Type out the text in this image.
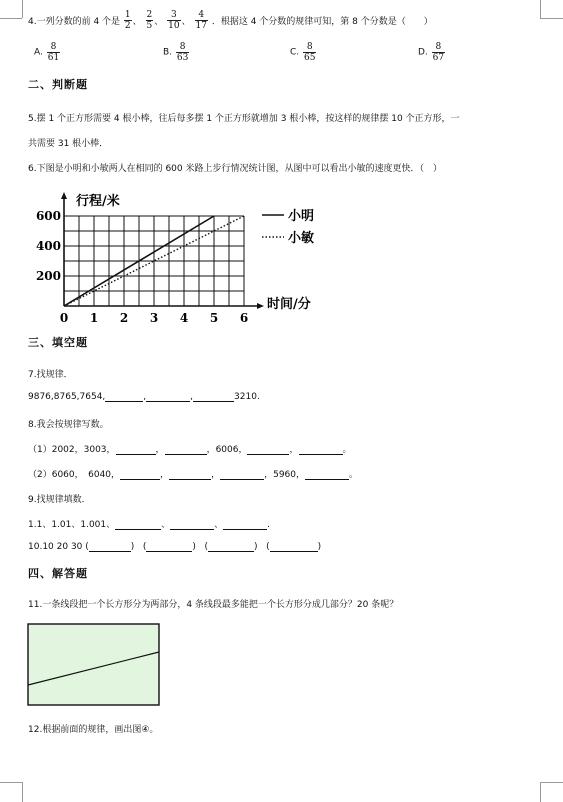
4.一列分数的前 4 个是 $\frac{1}{2}$ 、 $\frac{2}{5}$ 、 $\frac{3}{10}$ 、 $\frac{4}{17}$ ．根据这 4 个分数的规律可知，第 8 个分数是（　　）
A. $\frac{8}{61}$	B. $\frac{8}{63}$	C. $\frac{8}{65}$	D. $\frac{8}{67}$
二、判断题
5.摆 1 个正方形需要 4 根小棒，往后每多摆 1 个正方形就增加 3 根小棒，按这样的规律摆 10 个正方形，一
共需要 31 根小棒．
6.下图是小明和小敏两人在相同的 600 米路上步行情况统计图，从图中可以看出小敏的速度更快．（　）
0 1 2 3 4 5 6
200
400
600
行程/米
时间/分
小明
小敏
三、填空题
7.找规律．
9876,8765,7654,	,	,	3210.
8.我会按规律写数。
（1）2002，3003，	，	，6006，	，	。
（2）6060，　6040，	，	，	，5960，	。
9.找规律填数．
1.1、1.01、1.001、	、	、	.
10.10 20 30 (	)   (	)   (	)   (	)
四、解答题
11.一条线段把一个长方形分为两部分，4 条线段最多能把一个长方形分成几部分？20 条呢？
12.根据前面的规律，画出图④。
